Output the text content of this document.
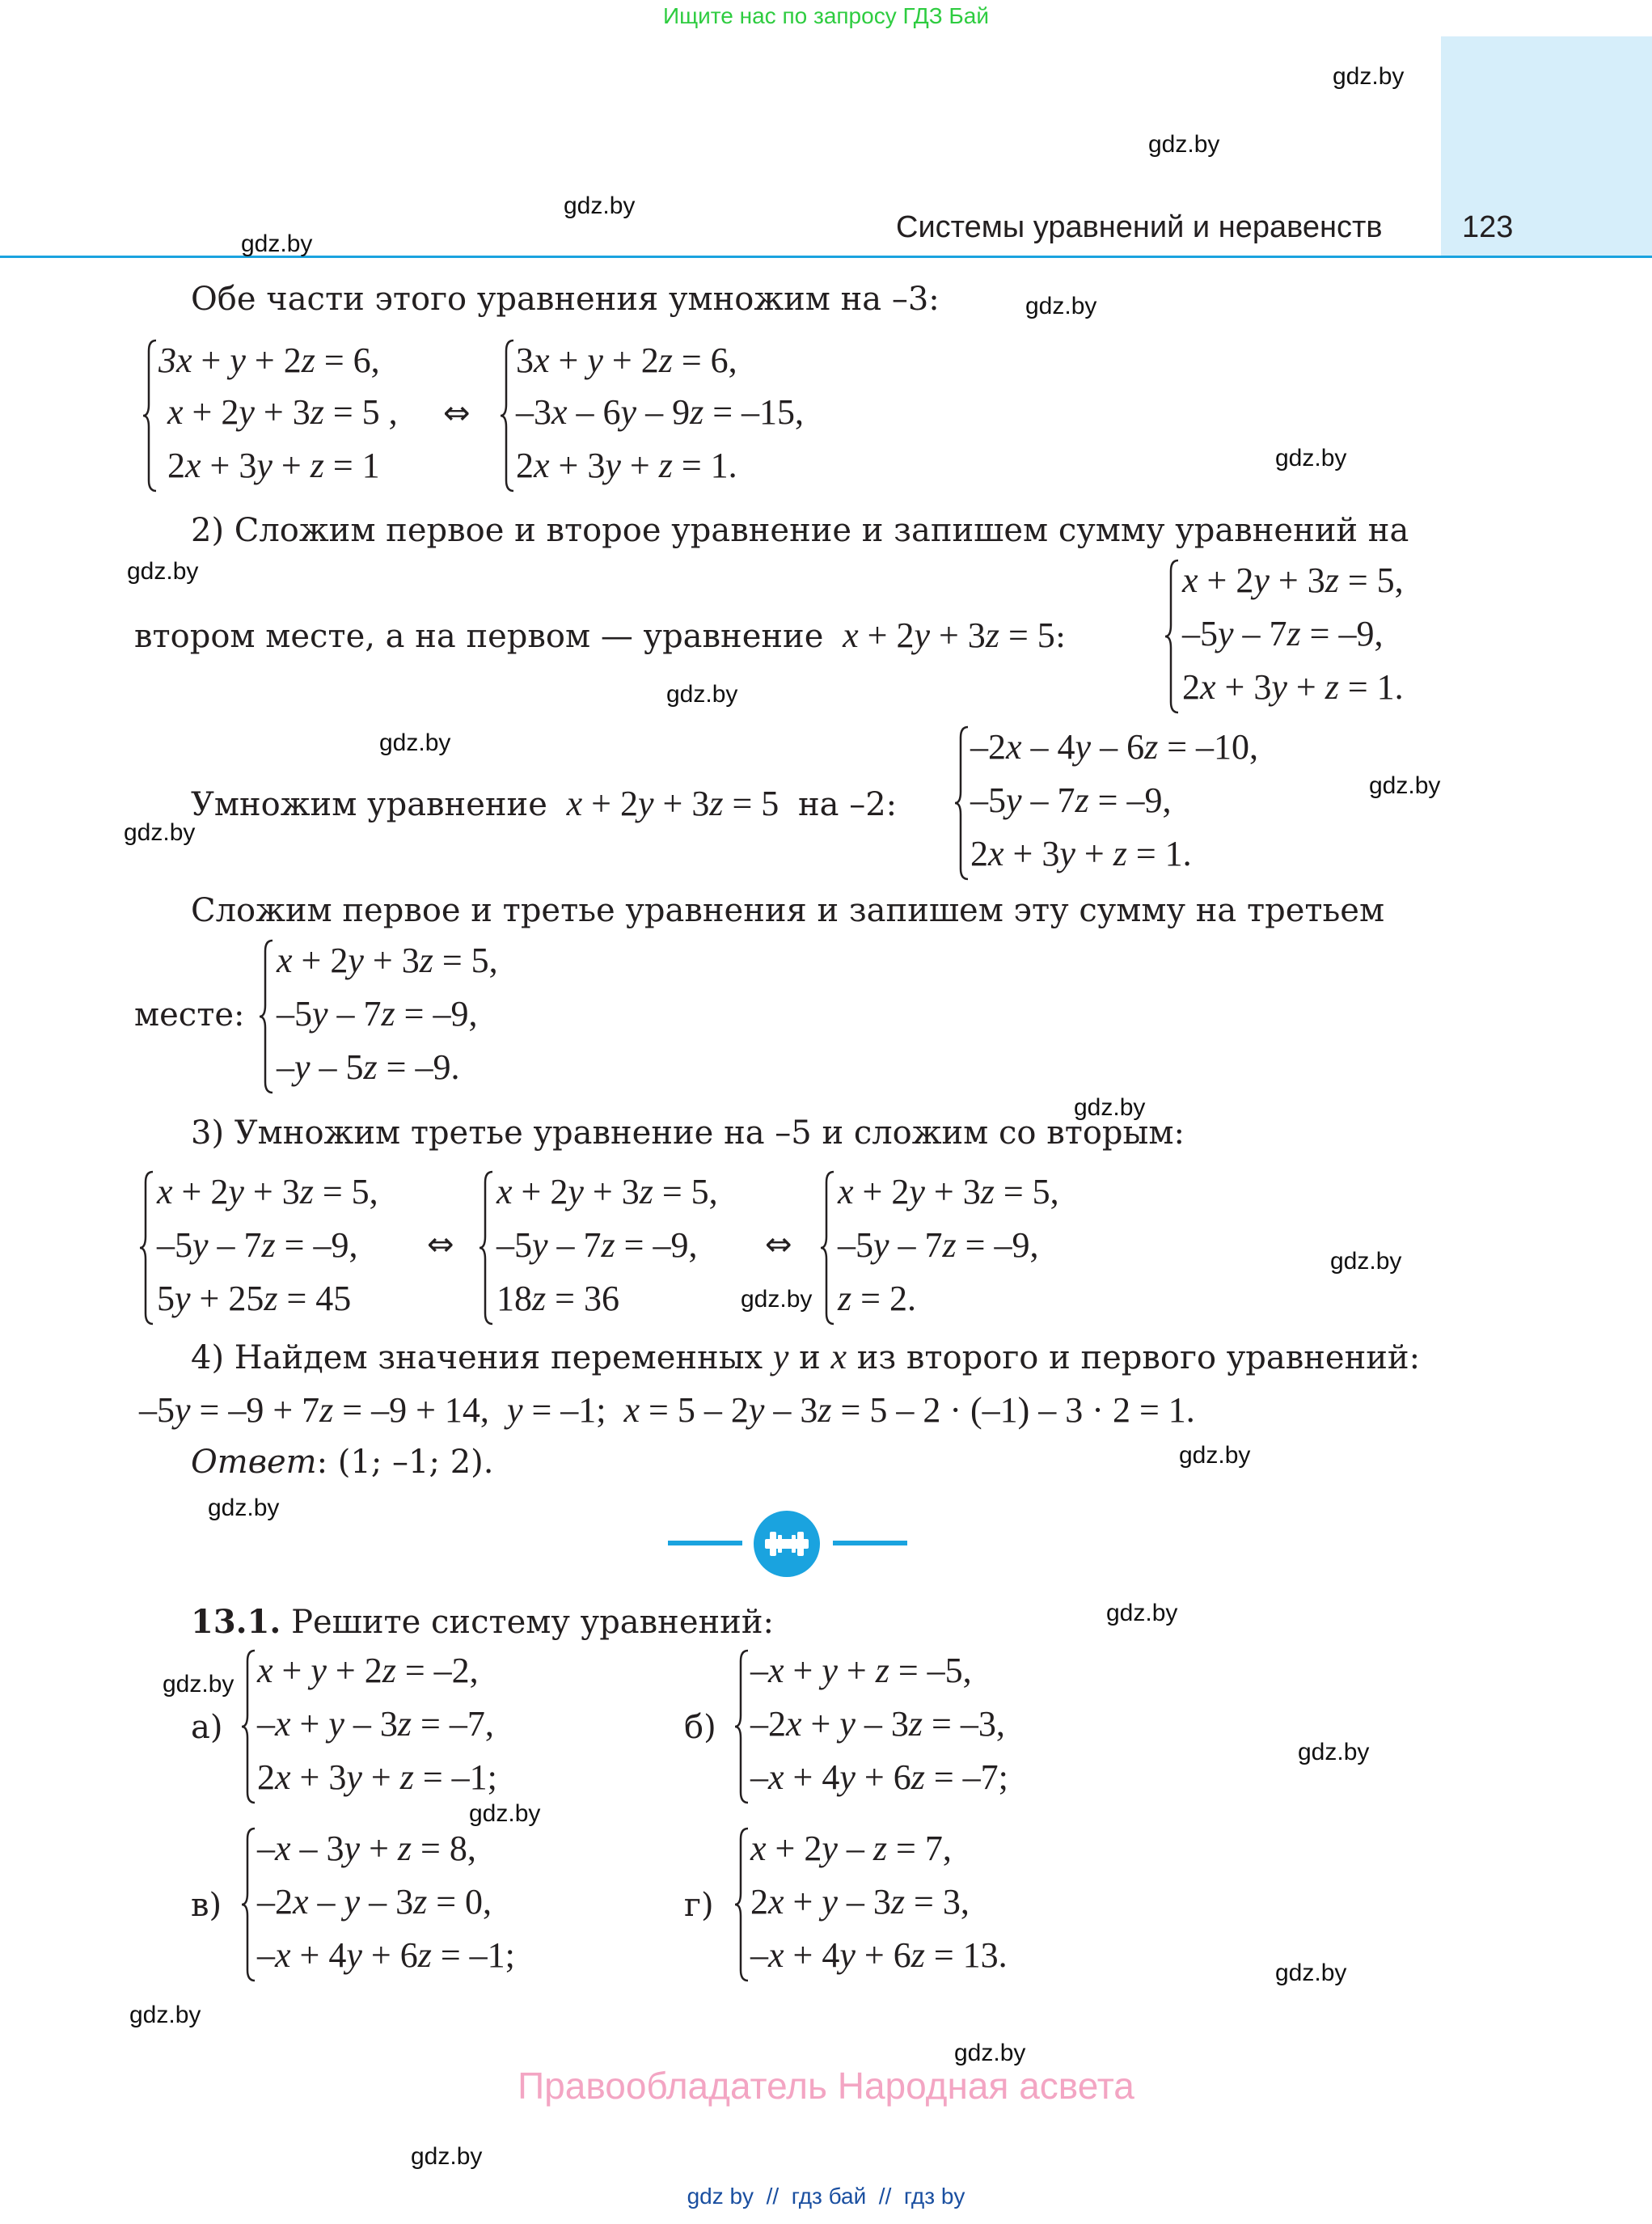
Ищите нас по запросу ГДЗ Бай
Системы уравнений и неравенств	123
gdz.by
gdz.by
gdz.by
gdz.by
gdz.by
gdz.by
gdz.by
gdz.by
gdz.by
gdz.by
gdz.by
gdz.by
gdz.by
gdz.by
gdz.by
gdz.by
gdz.by
gdz.by
gdz.by
gdz.by
gdz.by
gdz.by
gdz.by
gdz.by
Обе части этого уравнения умножим на –3:
3x + y + 2z = 6,
x + 2y + 3z = 5 ,
2x + 3y + z = 1
⇔
3x + y + 2z = 6,
–3x – 6y – 9z = –15,
2x + 3y + z = 1.
2) Сложим первое и второе уравнение и запишем сумму уравнений на
втором месте, а на первом — уравнение x + 2y + 3z = 5:
x + 2y + 3z = 5,
–5y – 7z = –9,
2x + 3y + z = 1.
Умножим уравнение x + 2y + 3z = 5  на –2:
–2x – 4y – 6z = –10,
–5y – 7z = –9,
2x + 3y + z = 1.
Сложим первое и третье уравнения и запишем эту сумму на третьем
месте:
x + 2y + 3z = 5,
–5y – 7z = –9,
–y – 5z = –9.
3) Умножим третье уравнение на –5 и сложим со вторым:
x + 2y + 3z = 5,
–5y – 7z = –9,
5y + 25z = 45
⇔
x + 2y + 3z = 5,
–5y – 7z = –9,
18z = 36
⇔
x + 2y + 3z = 5,
–5y – 7z = –9,
z = 2.
4) Найдем значения переменных y и x из второго и первого уравнений:
–5y = –9 + 7z = –9 + 14,  y = –1;  x = 5 – 2y – 3z = 5 – 2 · (–1) – 3 · 2 = 1.
Ответ: (1; –1; 2).
13.1. Решите систему уравнений:
а)
x + y + 2z = –2,
–x + y – 3z = –7,
2x + 3y + z = –1;
б)
–x + y + z = –5,
–2x + y – 3z = –3,
–x + 4y + 6z = –7;
в)
–x – 3y + z = 8,
–2x – y – 3z = 0,
–x + 4y + 6z = –1;
г)
x + 2y – z = 7,
2x + y – 3z = 3,
–x + 4y + 6z = 13.
Правообладатель Народная асвета
gdz by  //  гдз бай  //  гдз by
